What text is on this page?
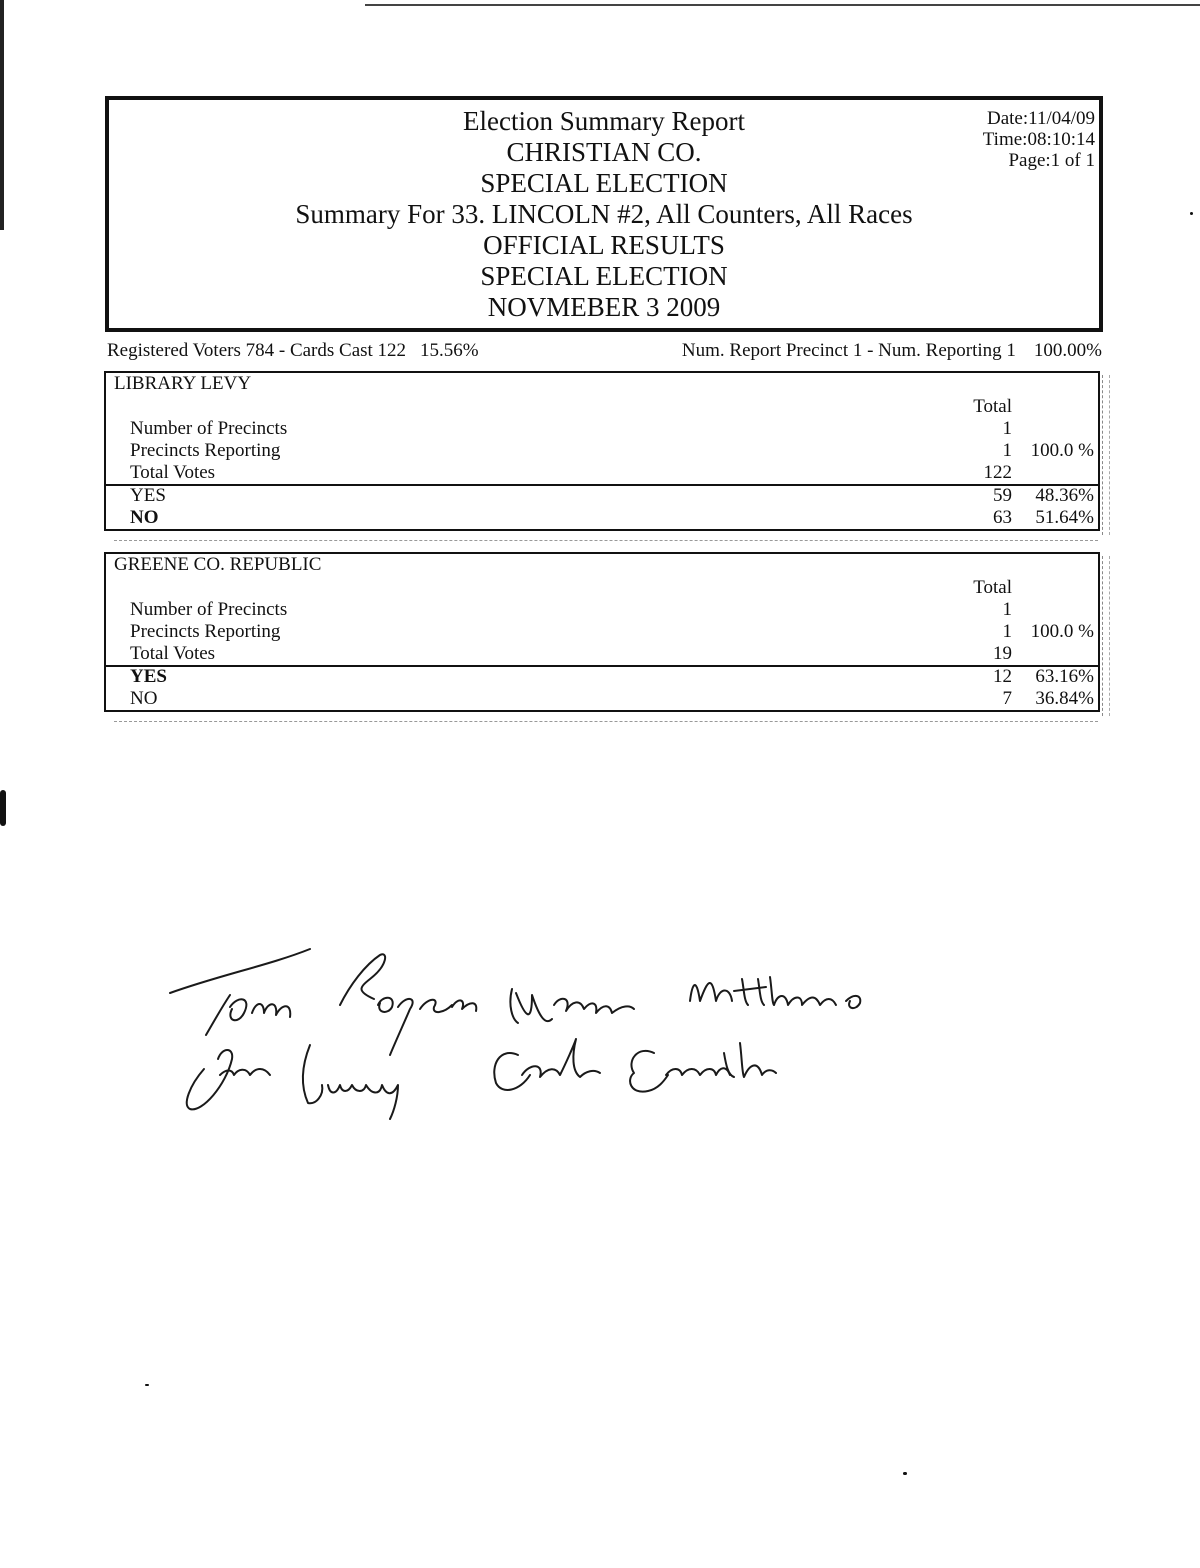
Election Summary Report
CHRISTIAN CO.
SPECIAL ELECTION
Summary For 33. LINCOLN #2, All Counters, All Races
OFFICIAL RESULTS
SPECIAL ELECTION
NOVMEBER 3 2009
Date:11/04/09
Time:08:10:14
Page:1 of 1
Registered Voters 784 - Cards Cast 122 15.56%	Num. Report Precinct 1 - Num. Reporting 1 100.00%
LIBRARY LEVY
Total
Number of Precincts	1
Precincts Reporting	1 100.0 %
Total Votes	122
YES	59 48.36%
NO	63 51.64%
GREENE CO. REPUBLIC
Total
Number of Precincts	1
Precincts Reporting	1 100.0 %
Total Votes	19
YES	12 63.16%
NO	7 36.84%
